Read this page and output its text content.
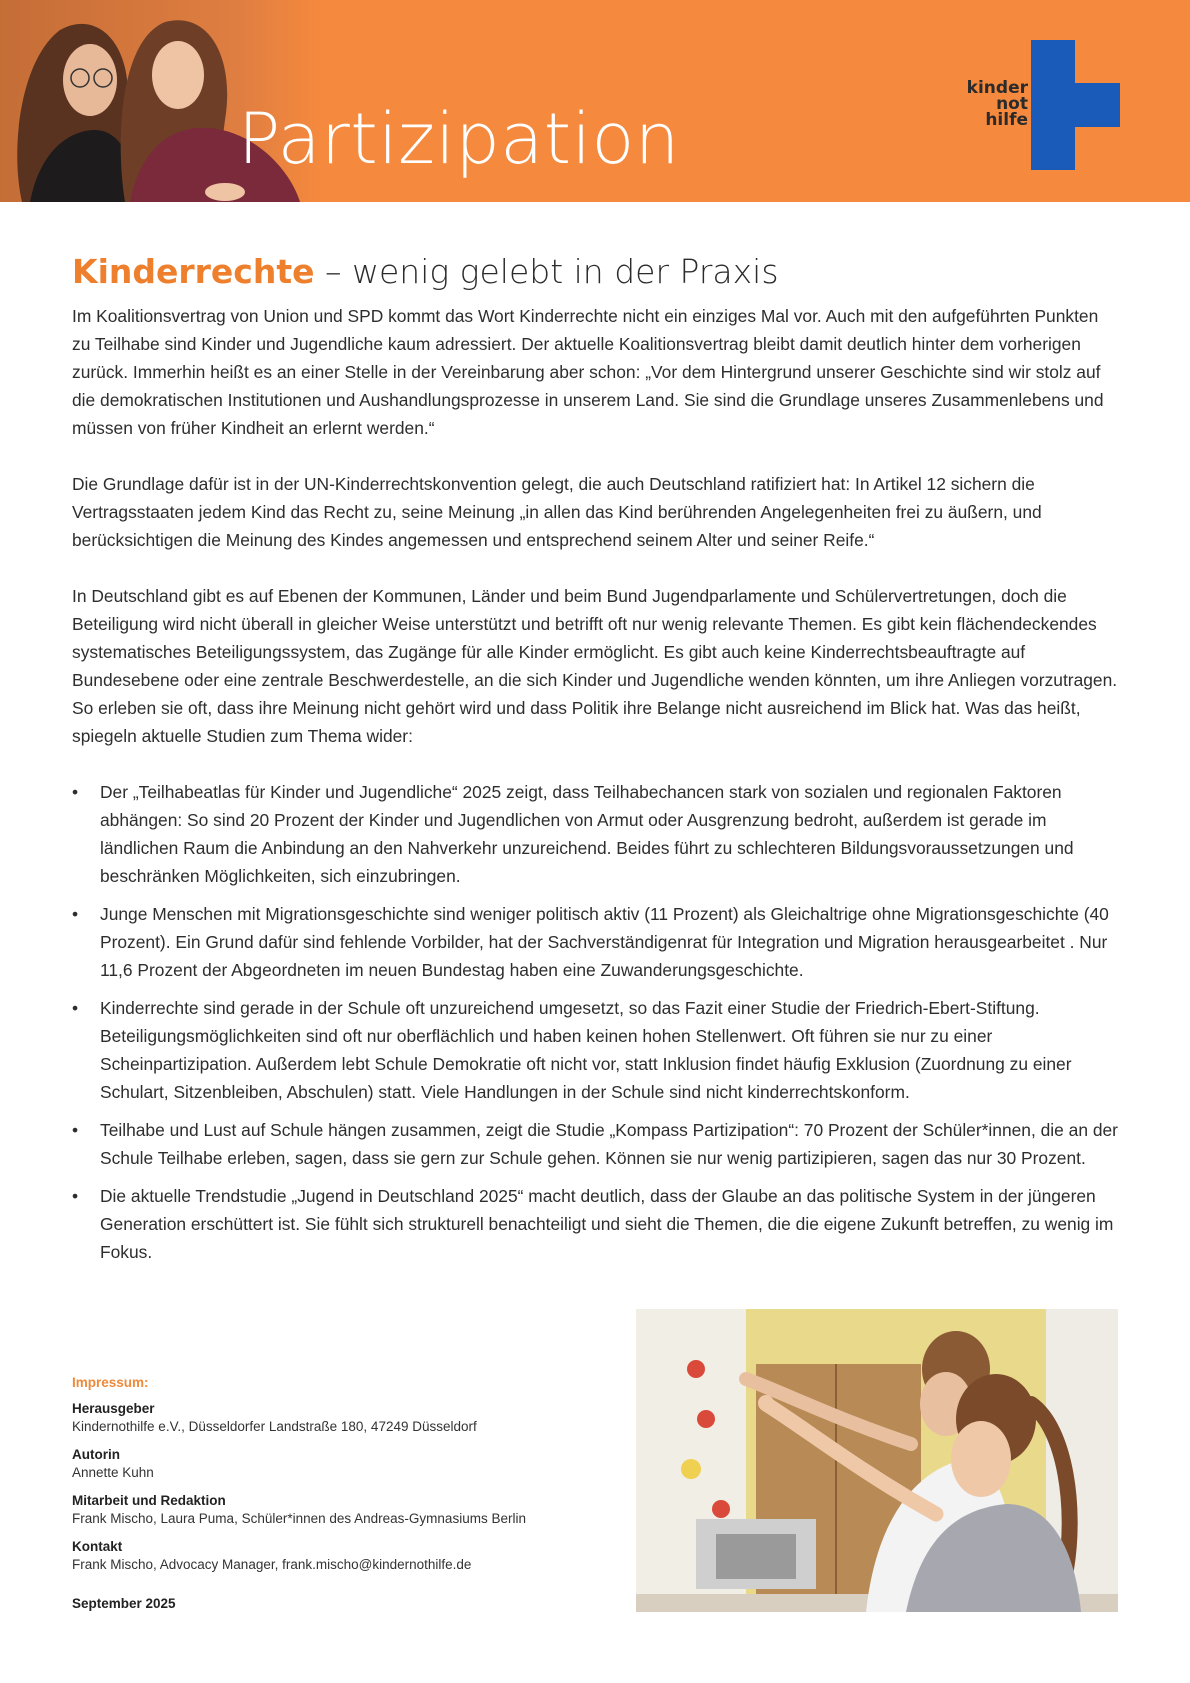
Partizipation
kinder
not
hilfe
Kinderrechte – wenig gelebt in der Praxis

Im Koalitionsvertrag von Union und SPD kommt das Wort Kinderrechte nicht ein einziges Mal vor. Auch mit den aufgeführten Punkten zu Teilhabe sind Kinder und Jugendliche kaum adressiert. Der aktuelle Koalitionsvertrag bleibt damit deutlich hinter dem vorherigen zurück. Immerhin heißt es an einer Stelle in der Vereinbarung aber schon: „Vor dem Hintergrund unserer Geschichte sind wir stolz auf die demokratischen Institutionen und Aushandlungsprozesse in unserem Land. Sie sind die Grundlage unseres Zusammenlebens und müssen von früher Kindheit an erlernt werden.“

Die Grundlage dafür ist in der UN-Kinderrechtskonvention gelegt, die auch Deutschland ratifiziert hat: In Artikel 12 sichern die Vertragsstaaten jedem Kind das Recht zu, seine Meinung „in allen das Kind berührenden Angelegenheiten frei zu äußern, und berücksichtigen die Meinung des Kindes angemessen und entsprechend seinem Alter und seiner Reife.“

In Deutschland gibt es auf Ebenen der Kommunen, Länder und beim Bund Jugendparlamente und Schülervertretungen, doch die Beteiligung wird nicht überall in gleicher Weise unterstützt und betrifft oft nur wenig relevante Themen. Es gibt kein flächendeckendes systematisches Beteiligungssystem, das Zugänge für alle Kinder ermöglicht. Es gibt auch keine Kinderrechtsbeauftragte auf Bundesebene oder eine zentrale Beschwerdestelle, an die sich Kinder und Jugendliche wenden könnten, um ihre Anliegen vorzutragen. So erleben sie oft, dass ihre Meinung nicht gehört wird und dass Politik ihre Belange nicht ausreichend im Blick hat. Was das heißt, spiegeln aktuelle Studien zum Thema wider:

• Der „Teilhabeatlas für Kinder und Jugendliche“ 2025 zeigt, dass Teilhabechancen stark von sozialen und regionalen Faktoren abhängen: So sind 20 Prozent der Kinder und Jugendlichen von Armut oder Ausgrenzung bedroht, außerdem ist gerade im ländlichen Raum die Anbindung an den Nahverkehr unzureichend. Beides führt zu schlechteren Bildungsvoraussetzungen und beschränken Möglichkeiten, sich einzubringen.
• Junge Menschen mit Migrationsgeschichte sind weniger politisch aktiv (11 Prozent) als Gleichaltrige ohne Migrationsgeschichte (40 Prozent). Ein Grund dafür sind fehlende Vorbilder, hat der Sachverständigenrat für Integration und Migration herausgearbeitet . Nur 11,6 Prozent der Abgeordneten im neuen Bundestag haben eine Zuwanderungsgeschichte.
• Kinderrechte sind gerade in der Schule oft unzureichend umgesetzt, so das Fazit einer Studie der Friedrich-Ebert-Stiftung. Beteiligungsmöglichkeiten sind oft nur oberflächlich und haben keinen hohen Stellenwert. Oft führen sie nur zu einer Scheinpartizipation. Außerdem lebt Schule Demokratie oft nicht vor, statt Inklusion findet häufig Exklusion (Zuordnung zu einer Schulart, Sitzenbleiben, Abschulen) statt. Viele Handlungen in der Schule sind nicht kinderrechtskonform.
• Teilhabe und Lust auf Schule hängen zusammen, zeigt die Studie „Kompass Partizipation“: 70 Prozent der Schüler*innen, die an der Schule Teilhabe erleben, sagen, dass sie gern zur Schule gehen. Können sie nur wenig partizipieren, sagen das nur 30 Prozent.
• Die aktuelle Trendstudie „Jugend in Deutschland 2025“ macht deutlich, dass der Glaube an das politische System in der jüngeren Generation erschüttert ist. Sie fühlt sich strukturell benachteiligt und sieht die Themen, die die eigene Zukunft betreffen, zu wenig im Fokus.

Impressum:

Herausgeber

Kindernothilfe e.V., Düsseldorfer Landstraße 180, 47249 Düsseldorf

Autorin

Annette Kuhn

Mitarbeit und Redaktion

Frank Mischo, Laura Puma, Schüler*innen des Andreas-Gymnasiums Berlin

Kontakt

Frank Mischo, Advocacy Manager, frank.mischo@kindernothilfe.de

September 2025
